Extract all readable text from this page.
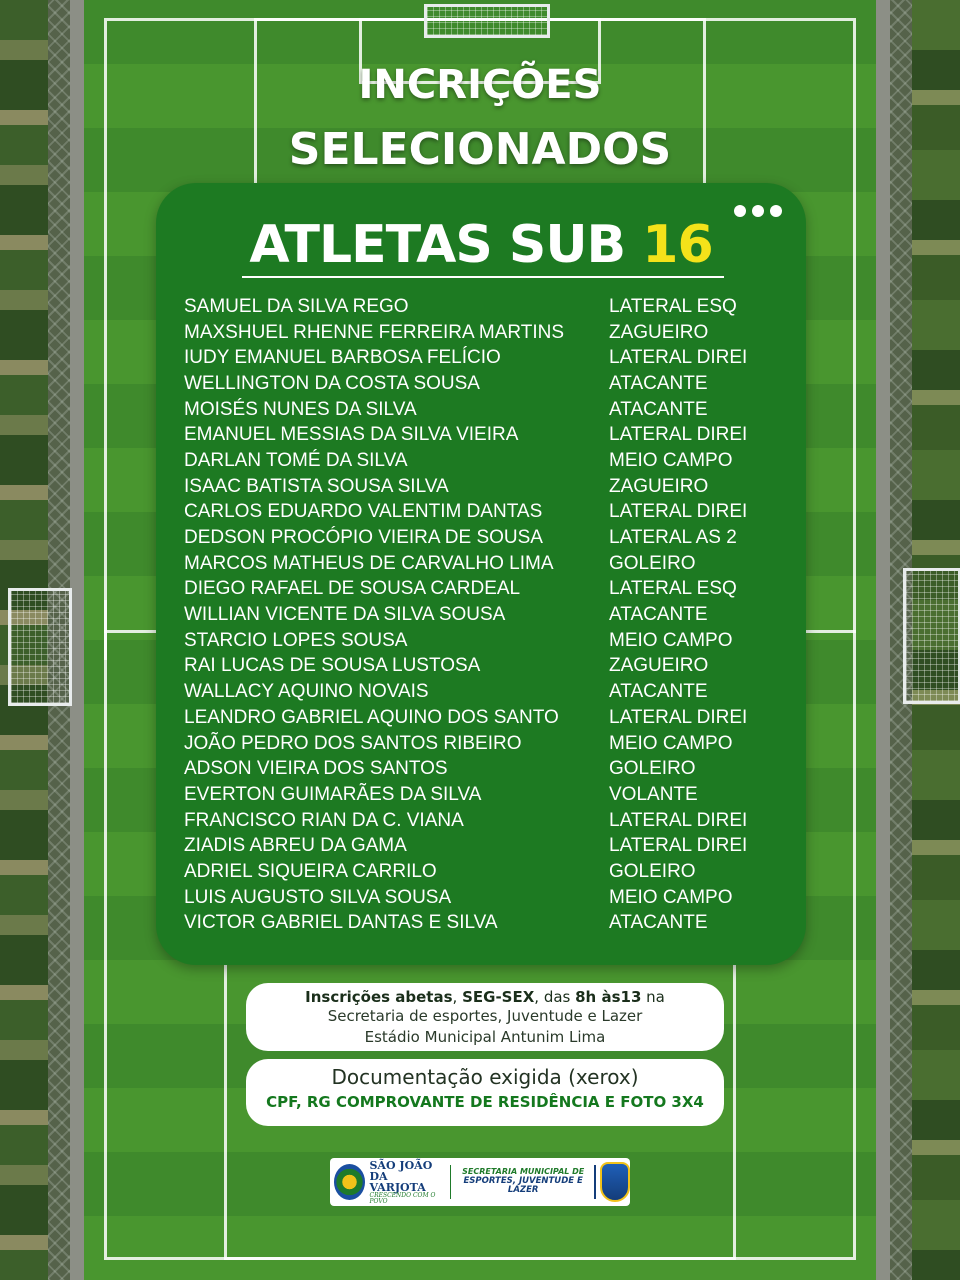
INCRIÇÕES
SELECIONADOS
ATLETAS SUB 16
SAMUEL DA SILVA REGO	LATERAL ESQ
MAXSHUEL RHENNE FERREIRA MARTINS	ZAGUEIRO
IUDY EMANUEL BARBOSA FELÍCIO	LATERAL DIREI
WELLINGTON DA COSTA SOUSA	ATACANTE
MOISÉS NUNES DA SILVA	ATACANTE
EMANUEL MESSIAS DA SILVA VIEIRA	LATERAL DIREI
DARLAN TOMÉ DA SILVA	MEIO CAMPO
ISAAC BATISTA SOUSA SILVA	ZAGUEIRO
CARLOS EDUARDO VALENTIM DANTAS	LATERAL DIREI
DEDSON PROCÓPIO VIEIRA DE SOUSA	LATERAL AS 2
MARCOS MATHEUS DE CARVALHO LIMA	GOLEIRO
DIEGO RAFAEL DE SOUSA CARDEAL	LATERAL ESQ
WILLIAN VICENTE DA SILVA SOUSA	ATACANTE
STARCIO LOPES SOUSA	MEIO CAMPO
RAI LUCAS DE SOUSA LUSTOSA	ZAGUEIRO
WALLACY AQUINO NOVAIS	ATACANTE
LEANDRO GABRIEL AQUINO DOS SANTO	LATERAL DIREI
JOÃO PEDRO DOS SANTOS RIBEIRO	MEIO CAMPO
ADSON VIEIRA DOS SANTOS	GOLEIRO
EVERTON GUIMARÃES DA SILVA	VOLANTE
FRANCISCO RIAN DA C. VIANA	LATERAL DIREI
ZIADIS ABREU DA GAMA	LATERAL DIREI
ADRIEL SIQUEIRA CARRILO	GOLEIRO
LUIS AUGUSTO SILVA SOUSA	MEIO CAMPO
VICTOR GABRIEL DANTAS E SILVA	ATACANTE
Inscrições abetas, SEG-SEX, das 8h às13 na
Secretaria de esportes, Juventude e Lazer
Estádio Municipal Antunim Lima
Documentação exigida (xerox)
CPF, RG COMPROVANTE DE RESIDÊNCIA E FOTO 3X4
SÃO JOÃO
DA VARJOTA
CRESCENDO COM O POVO
SECRETARIA MUNICIPAL DE
ESPORTES, JUVENTUDE E LAZER
